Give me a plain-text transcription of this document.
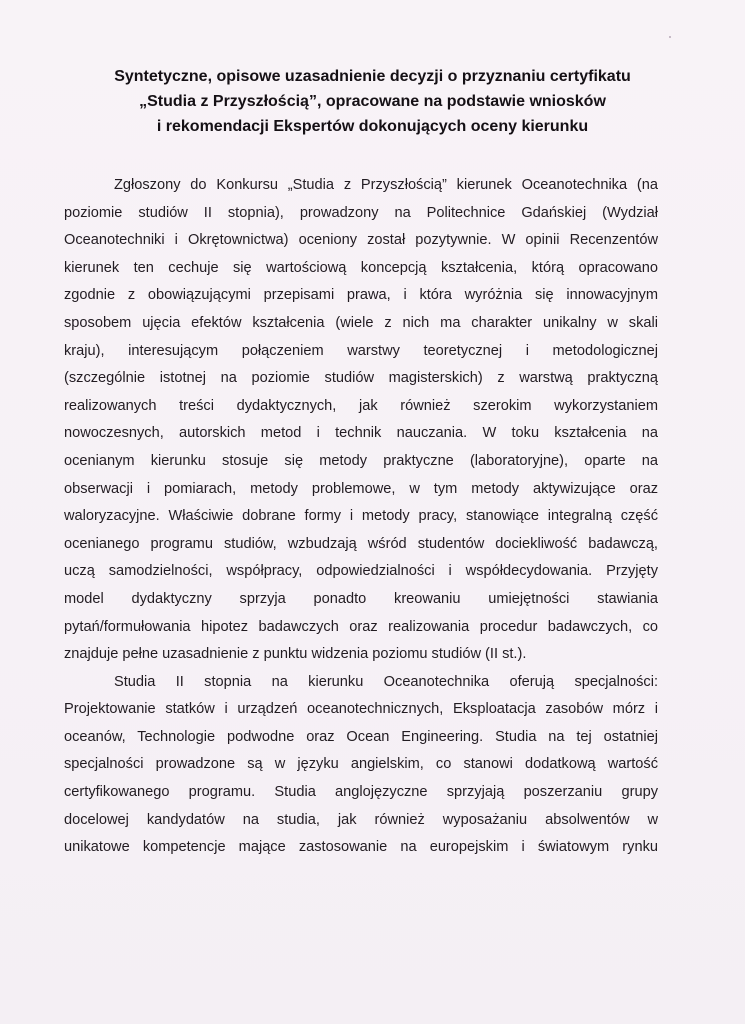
Syntetyczne, opisowe uzasadnienie decyzji o przyznaniu certyfikatu
„Studia z Przyszłością”, opracowane na podstawie wniosków
i rekomendacji Ekspertów dokonujących oceny kierunku
Zgłoszony do Konkursu „Studia z Przyszłością” kierunek Oceanotechnika (na
poziomie studiów II stopnia), prowadzony na Politechnice Gdańskiej (Wydział
Oceanotechniki i Okrętownictwa) oceniony został pozytywnie. W opinii Recenzentów
kierunek ten cechuje się wartościową koncepcją kształcenia, którą opracowano
zgodnie z obowiązującymi przepisami prawa, i która wyróżnia się innowacyjnym
sposobem ujęcia efektów kształcenia (wiele z nich ma charakter unikalny w skali
kraju), interesującym połączeniem warstwy teoretycznej i metodologicznej
(szczególnie istotnej na poziomie studiów magisterskich) z warstwą praktyczną
realizowanych treści dydaktycznych, jak również szerokim wykorzystaniem
nowoczesnych, autorskich metod i technik nauczania. W toku kształcenia na
ocenianym kierunku stosuje się metody praktyczne (laboratoryjne), oparte na
obserwacji i pomiarach, metody problemowe, w tym metody aktywizujące oraz
waloryzacyjne. Właściwie dobrane formy i metody pracy, stanowiące integralną część
ocenianego programu studiów, wzbudzają wśród studentów dociekliwość badawczą,
uczą samodzielności, współpracy, odpowiedzialności i współdecydowania. Przyjęty
model dydaktyczny sprzyja ponadto kreowaniu umiejętności stawiania
pytań/formułowania hipotez badawczych oraz realizowania procedur badawczych, co
znajduje pełne uzasadnienie z punktu widzenia poziomu studiów (II st.).
Studia II stopnia na kierunku Oceanotechnika oferują specjalności:
Projektowanie statków i urządzeń oceanotechnicznych, Eksploatacja zasobów mórz i
oceanów, Technologie podwodne oraz Ocean Engineering. Studia na tej ostatniej
specjalności prowadzone są w języku angielskim, co stanowi dodatkową wartość
certyfikowanego programu. Studia anglojęzyczne sprzyjają poszerzaniu grupy
docelowej kandydatów na studia, jak również wyposażaniu absolwentów w
unikatowe kompetencje mające zastosowanie na europejskim i światowym rynku
